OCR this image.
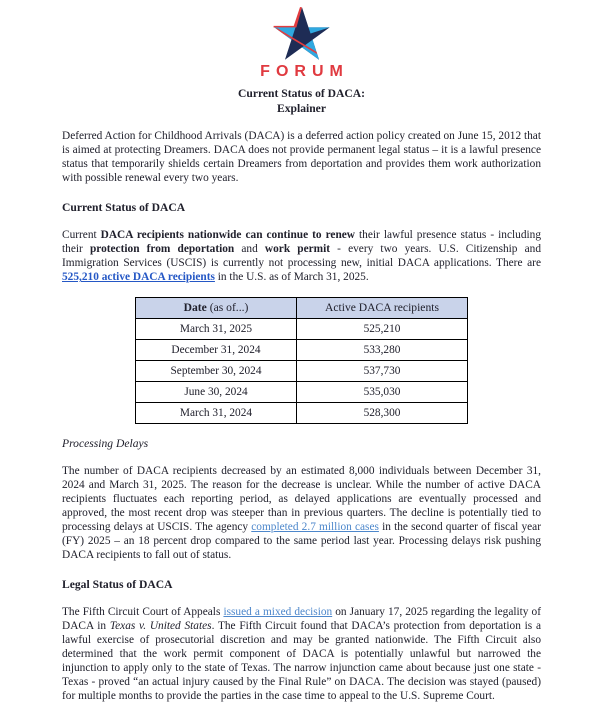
FORUM
Current Status of DACA:
Explainer

Deferred Action for Childhood Arrivals (DACA) is a deferred action policy created on June 15, 2012 that is aimed at protecting Dreamers. DACA does not provide permanent legal status – it is a lawful presence status that temporarily shields certain Dreamers from deportation and provides them work authorization with possible renewal every two years.

Current Status of DACA

Current DACA recipients nationwide can continue to renew their lawful presence status - including their protection from deportation and work permit - every two years. U.S. Citizenship and Immigration Services (USCIS) is currently not processing new, initial DACA applications. There are 525,210 active DACA recipients in the U.S. as of March 31, 2025.

Date (as of...)	Active DACA recipients
March 31, 2025	525,210
December 31, 2024	533,280
September 30, 2024	537,730
June 30, 2024	535,030
March 31, 2024	528,300
Processing Delays

The number of DACA recipients decreased by an estimated 8,000 individuals between December 31, 2024 and March 31, 2025. The reason for the decrease is unclear. While the number of active DACA recipients fluctuates each reporting period, as delayed applications are eventually processed and approved, the most recent drop was steeper than in previous quarters. The decline is potentially tied to processing delays at USCIS. The agency completed 2.7 million cases in the second quarter of fiscal year (FY) 2025 – an 18 percent drop compared to the same period last year. Processing delays risk pushing DACA recipients to fall out of status.

Legal Status of DACA

The Fifth Circuit Court of Appeals issued a mixed decision on January 17, 2025 regarding the legality of DACA in Texas v. United States. The Fifth Circuit found that DACA’s protection from deportation is a lawful exercise of prosecutorial discretion and may be granted nationwide. The Fifth Circuit also determined that the work permit component of DACA is potentially unlawful but narrowed the injunction to apply only to the state of Texas. The narrow injunction came about because just one state - Texas - proved “an actual injury caused by the Final Rule” on DACA. The decision was stayed (paused) for multiple months to provide the parties in the case time to appeal to the U.S. Supreme Court.
